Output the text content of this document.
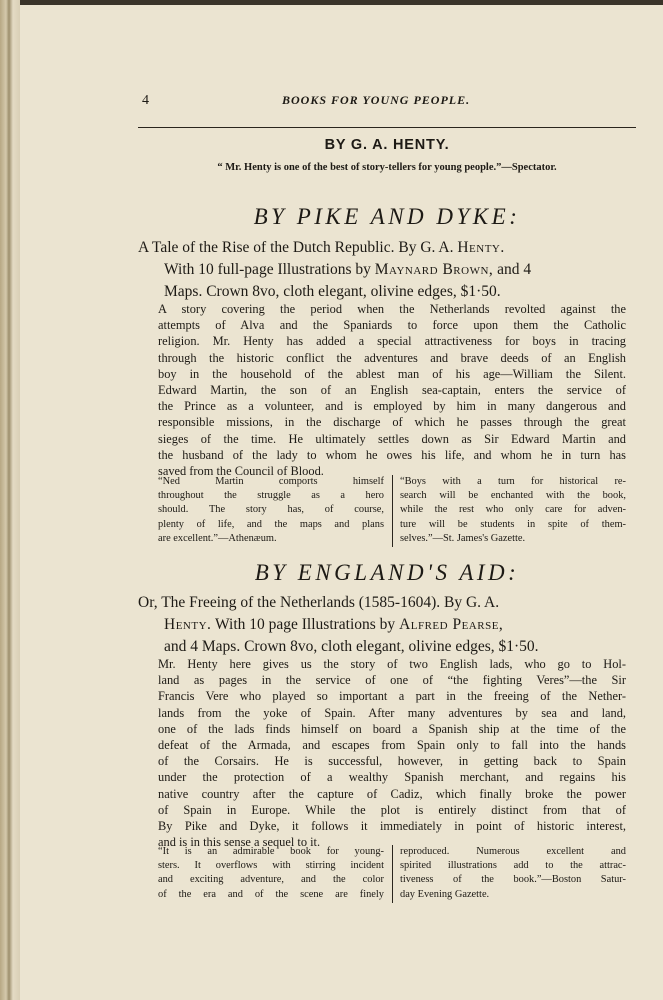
4	BOOKS FOR YOUNG PEOPLE.
BY G. A. HENTY.
“ Mr. Henty is one of the best of story-tellers for young people.”—Spectator.
BY PIKE AND DYKE:
A Tale of the Rise of the Dutch Republic. By G. A. Henty.
With 10 full-page Illustrations by Maynard Brown, and 4
Maps. Crown 8vo, cloth elegant, olivine edges, $1·50.
A story covering the period when the Netherlands revolted against the
attempts of Alva and the Spaniards to force upon them the Catholic
religion. Mr. Henty has added a special attractiveness for boys in tracing
through the historic conflict the adventures and brave deeds of an English
boy in the household of the ablest man of his age—William the Silent.
Edward Martin, the son of an English sea-captain, enters the service of
the Prince as a volunteer, and is employed by him in many dangerous and
responsible missions, in the discharge of which he passes through the great
sieges of the time. He ultimately settles down as Sir Edward Martin and
the husband of the lady to whom he owes his life, and whom he in turn has
saved from the Council of Blood.
“Ned Martin comports himself
throughout the struggle as a hero
should. The story has, of course,
plenty of life, and the maps and plans
are excellent.”—Athenæum.
“Boys with a turn for historical re-
search will be enchanted with the book,
while the rest who only care for adven-
ture will be students in spite of them-
selves.”—St. James's Gazette.
BY ENGLAND'S AID:
Or, The Freeing of the Netherlands (1585-1604). By G. A.
Henty. With 10 page Illustrations by Alfred Pearse,
and 4 Maps. Crown 8vo, cloth elegant, olivine edges, $1·50.
Mr. Henty here gives us the story of two English lads, who go to Hol-
land as pages in the service of one of “the fighting Veres”—the Sir
Francis Vere who played so important a part in the freeing of the Nether-
lands from the yoke of Spain. After many adventures by sea and land,
one of the lads finds himself on board a Spanish ship at the time of the
defeat of the Armada, and escapes from Spain only to fall into the hands
of the Corsairs. He is successful, however, in getting back to Spain
under the protection of a wealthy Spanish merchant, and regains his
native country after the capture of Cadiz, which finally broke the power
of Spain in Europe. While the plot is entirely distinct from that of
By Pike and Dyke, it follows it immediately in point of historic interest,
and is in this sense a sequel to it.
“It is an admirable book for young-
sters. It overflows with stirring incident
and exciting adventure, and the color
of the era and of the scene are finely
reproduced. Numerous excellent and
spirited illustrations add to the attrac-
tiveness of the book.”—Boston Satur-
day Evening Gazette.
